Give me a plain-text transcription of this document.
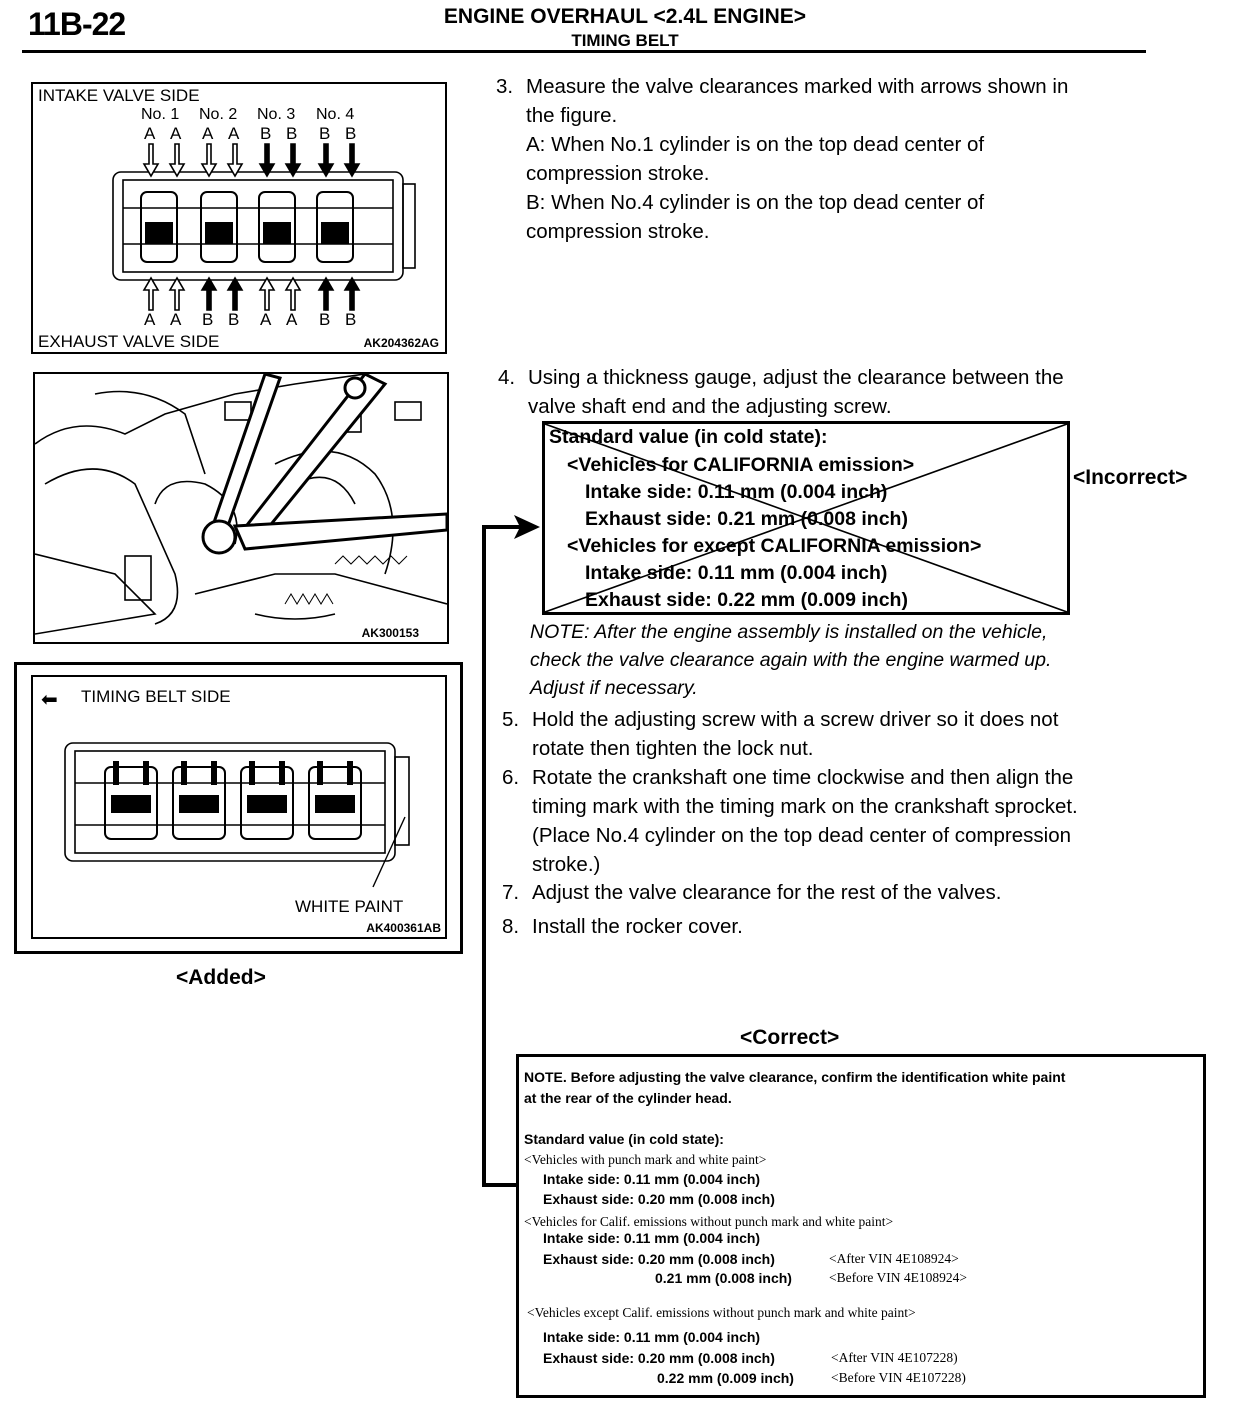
11B-22	ENGINE OVERHAUL <2.4L ENGINE>
TIMING BELT
INTAKE VALVE SIDE
No. 1 No. 2 No. 3 No. 4
A A A A B B B B
A A B B A A B B
EXHAUST VALVE SIDE	AK204362AG
AK300153
⬅ TIMING BELT SIDE
WHITE PAINT
AK400361AB
<Added>
3. Measure the valve clearances marked with arrows shown in
the figure.
A: When No.1 cylinder is on the top dead center of
compression stroke.
B: When No.4 cylinder is on the top dead center of
compression stroke.
4. Using a thickness gauge, adjust the clearance between the
valve shaft end and the adjusting screw.
Standard value (in cold state):
<Vehicles for CALIFORNIA emission>
Intake side: 0.11 mm (0.004 inch)
Exhaust side: 0.21 mm (0.008 inch)
<Vehicles for except CALIFORNIA emission>
Intake side: 0.11 mm (0.004 inch)
Exhaust side: 0.22 mm (0.009 inch)
<Incorrect>
NOTE: After the engine assembly is installed on the vehicle,
check the valve clearance again with the engine warmed up.
Adjust if necessary.
5. Hold the adjusting screw with a screw driver so it does not
rotate then tighten the lock nut.
6. Rotate the crankshaft one time clockwise and then align the
timing mark with the timing mark on the crankshaft sprocket.
(Place No.4 cylinder on the top dead center of compression
stroke.)
7. Adjust the valve clearance for the rest of the valves.
8. Install the rocker cover.
<Correct>
NOTE. Before adjusting the valve clearance, confirm the identification white paint
at the rear of the cylinder head.
Standard value (in cold state):
<Vehicles with punch mark and white paint>
Intake side: 0.11 mm (0.004 inch)
Exhaust side: 0.20 mm (0.008 inch)
<Vehicles for Calif. emissions without punch mark and white paint>
Intake side: 0.11 mm (0.004 inch)
Exhaust side: 0.20 mm (0.008 inch)	<After VIN 4E108924>
0.21 mm (0.008 inch)	<Before VIN 4E108924>
<Vehicles except Calif. emissions without punch mark and white paint>
Intake side: 0.11 mm (0.004 inch)
Exhaust side: 0.20 mm (0.008 inch)	<After VIN 4E107228)
0.22 mm (0.009 inch)	<Before VIN 4E107228)
